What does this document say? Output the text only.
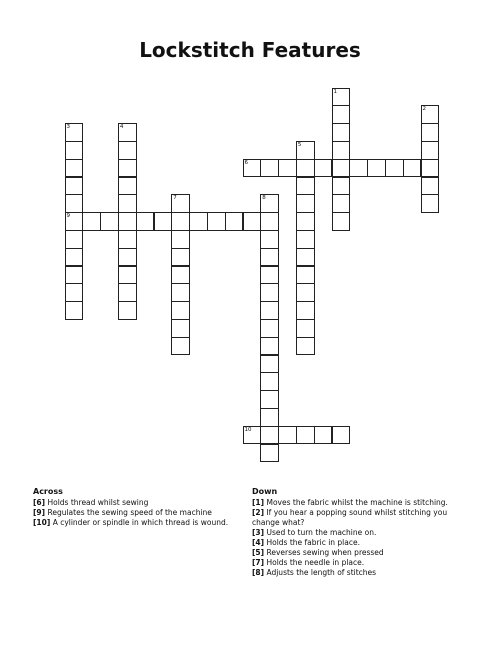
Lockstitch Features
1
2
3
9
4
5
6
7	8
10
Across
[6] Holds thread whilst sewing
[9] Regulates the sewing speed of the machine
[10] A cylinder or spindle in which thread is wound.
Down
[1] Moves the fabric whilst the machine is stitching.
[2] If you hear a popping sound whilst stitching you change what?
[3] Used to turn the machine on.
[4] Holds the fabric in place.
[5] Reverses sewing when pressed
[7] Holds the needle in place.
[8] Adjusts the length of stitches
